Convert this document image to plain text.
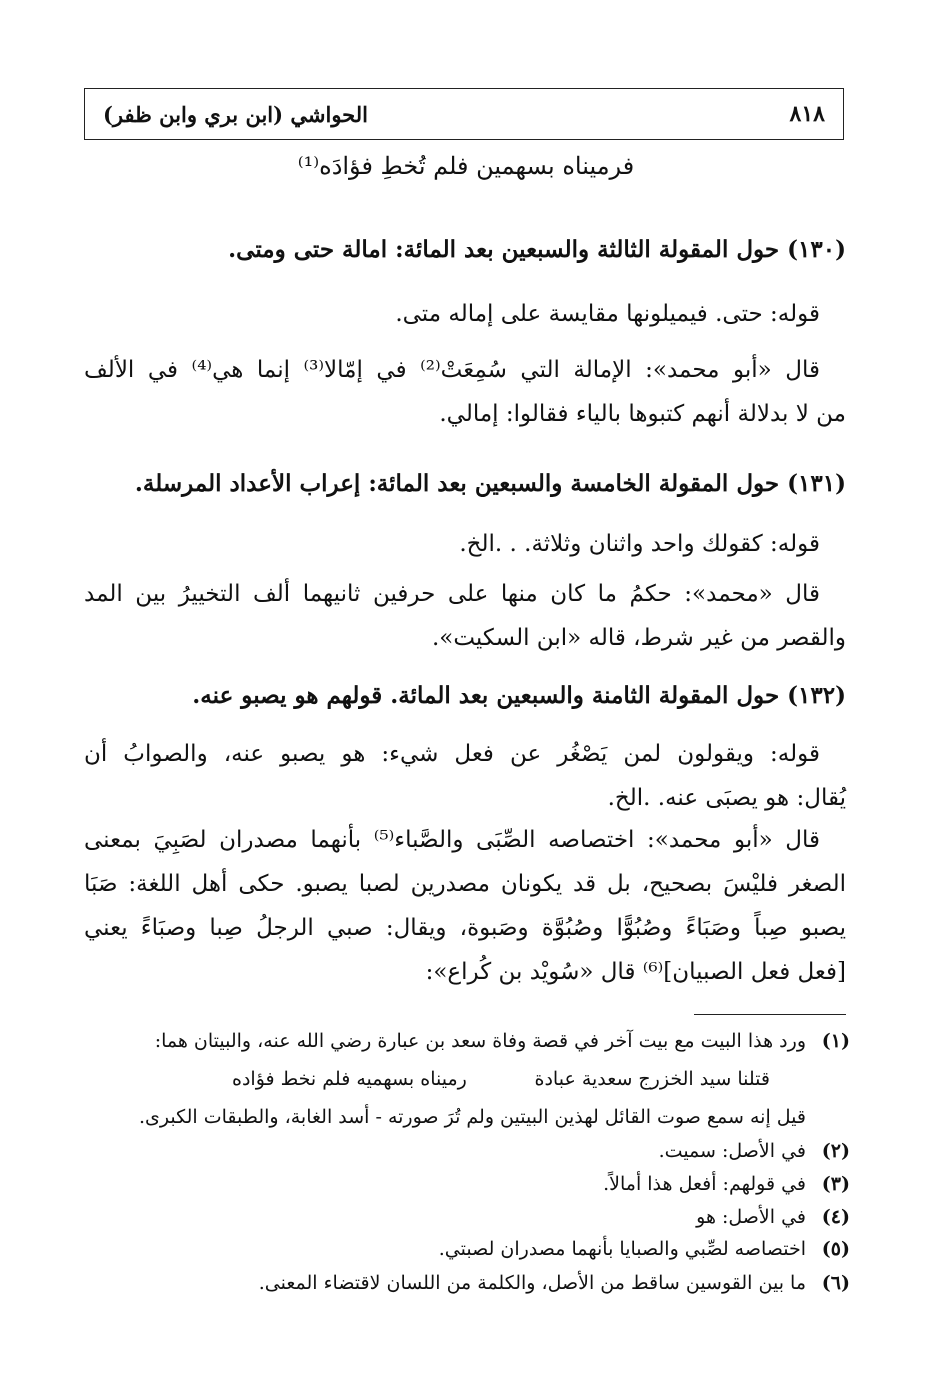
٨١٨
الحواشي (ابن بري وابن ظفر)
فرميناه بسهمين فلم تُخطِ فؤادَه⁽¹⁾
(١٣٠) حول المقولة الثالثة والسبعين بعد المائة: امالة حتى ومتى.
قوله: حتى. فيميلونها مقايسة على إماله متى.
قال «أبو محمد»: الإمالة التي سُمِعَتْ⁽²⁾ في إمّالا⁽³⁾ إنما هي⁽⁴⁾ في الألف
من لا بدلالة أنهم كتبوها بالياء فقالوا: إمالي.
(١٣١) حول المقولة الخامسة والسبعين بعد المائة: إعراب الأعداد المرسلة.
قوله: كقولك واحد واثنان وثلاثة. . .الخ.
قال «محمد»: حكمُ ما كان منها على حرفين ثانيهما ألف التخييرُ بين المد
والقصر من غير شرط، قاله «ابن السكيت».
(١٣٢) حول المقولة الثامنة والسبعين بعد المائة. قولهم هو يصبو عنه.
قوله: ويقولون لمن يَصْغُر عن فعل شيء: هو يصبو عنه، والصوابُ أن
يُقال: هو يصبَى عنه. .الخ.
قال «أبو محمد»: اختصاصه الصِّبَى والصَّباء⁽⁵⁾ بأنهما مصدران لصَبِيَ بمعنى
الصغر فليْسَ بصحيح، بل قد يكونان مصدرين لصبا يصبو. حكى أهل اللغة: صَبَا
يصبو صِباً وصَبَاءً وصُبُوًّا وصُبُوَّة وصَبوة، ويقال: صبي الرجلُ صِبا وصبَاءً يعني
[فعل فعل الصبيان]⁽⁶⁾ قال «سُويْد بن كُراع»:
(١)ورد هذا البيت مع بيت آخر في قصة وفاة سعد بن عبارة رضي الله عنه، والبيتان هما:
قتلنا سيد الخزرج سعدية عبادة
رميناه بسهميه فلم نخط فؤاده
قيل إنه سمع صوت القائل لهذين البيتين ولم تُرَ صورته - أسد الغابة، والطبقات الكبرى.
(٢)في الأصل: سميت.
(٣)في قولهم: أفعل هذا أمالاً.
(٤)في الأصل: هو
(٥)اختصاصه لصِّبي والصبايا بأنهما مصدران لصبتي.
(٦)ما بين القوسين ساقط من الأصل، والكلمة من اللسان لاقتضاء المعنى.
